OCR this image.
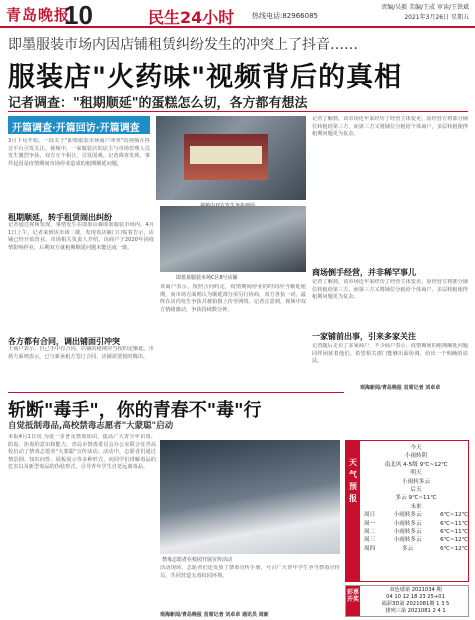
青岛晚报
10	民生24小时	热线电话:82966085
责编/吴毅 美编/王成 审读/王铁斌
2021年3月26日 星期五
即墨服装市场内因店铺租赁纠纷发生的冲突上了抖音……
服装店"火药味"视频背后的真相
记者调查："租期顺延"的蛋糕怎么切，各方都有想法
开篇调查·开篇回访·开篇调查
3月下旬开始，一段关于"即墨服装市场商户冲突"的视频在抖音平台引发关注。视频中，一家服装店的店主与市场管理人员发生激烈争执，双方互不相让，引发围观。记者调查发现，事件起因是疫情期间市场停业造成的租期顺延问题。
记者了解到，该市场近年来经历了经营主体变更，原经营方将部分铺位转租给第三方，而第三方又将铺位分租给个体商户，多层转租使得租期问题更为复杂。
商场倒手经营，并非稀罕事儿
记者了解到，该市场近年来经历了经营主体变更，原经营方将部分铺位转租给第三方，而第三方又将铺位分租给个体商户，多层转租使得租期问题更为复杂。
一家铺前出事，引来多家关注
记者随后走访了多家商户，不少商户表示，疫情期间的租期顺延问题同样困扰着他们，希望相关部门能够出面协调，给出一个明确的说法。
观海新闻/青岛晚报 首席记者 刘卓卓
租期顺延，转手租赁闹出纠纷
记者通过视频发现，事情发生在即墨山森即墨服装市场内。4月1日上午，记者来到该市场二楼，发现该店铺门口贴着告示，店铺已经开始营业。市场相关负责人介绍，该商户于2020年因疫情影响停业，后期双方就租期顺延问题未能达成一致。
即墨某服装市场C区8号店铺
该商户表示，按照合同约定，疫情期间停业的时间应当顺延租期，而市场方面则认为顺延部分需另行协商。双方各执一词，最终在店内发生争执并被拍摄上传至网络。记者注意到，视频中双方情绪激动，争执持续数分钟。
各方都有合同，调出铺面引冲突
王商户表示，自己手中有合同，店铺的租期应当按约定顺延。市场方面则表示，已与新承租方签订合同，店铺需要按时腾出。
斩断"毒手"，你的青春不"毒"行
自觉抵制毒品,高校禁毒志愿者"大蒙聪"启动
本报4月1日讯 为进一步普及禁毒知识，提高广大青少年识毒、防毒、拒毒的意识和能力，青岛市禁毒委员会办公室联合驻青高校启动了禁毒志愿者"大蒙聪"宣传活动。活动中，志愿者们通过情景剧、知识问答、展板展示等多种形式，向同学们讲解毒品的危害以及新型毒品的伪装形式，引导青年学生自觉远离毒品。
禁毒志愿者在校园开展宣传活动
活动现场，志愿者们还发放了禁毒宣传手册，号召广大青年学生争当禁毒宣传员，共同营造无毒校园环境。
观海新闻/青岛晚报 首席记者 刘卓卓 通讯员 周新
天气预报
今天
小雨转阴
南北风 4-5级 9℃~12℃
明天
小雨转多云
后天
多云 9℃~11℃
未来
周日	小雨转多云	6℃~12℃
周一	小雨转多云	6℃~11℃
周二	小雨转多云	6℃~11℃
周三	小雨转多云	6℃~12℃
周四	多云	6℃~12℃
彩票开奖
双色球第 2021034 期
04 10 12 18 23 25+01
福彩3D第 2021081期 1 3 5
排列三第 2021081 2 4 1
